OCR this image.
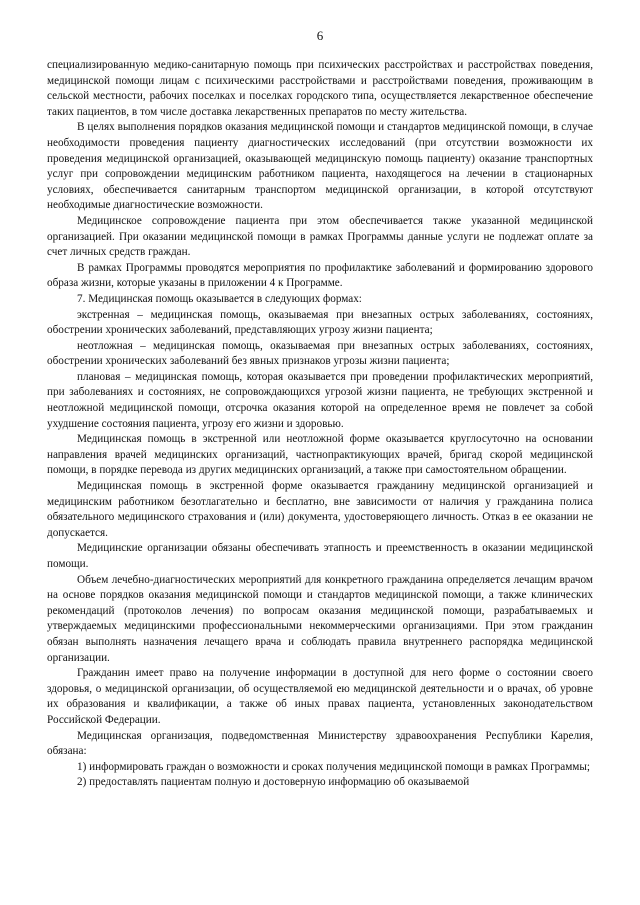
6

специализированную медико-санитарную помощь при психических расстройствах и расстройствах поведения, медицинской помощи лицам с психическими расстройствами и расстройствами поведения, проживающим в сельской местности, рабочих поселках и поселках городского типа, осуществляется лекарственное обеспечение таких пациентов, в том числе доставка лекарственных препаратов по месту жительства.

В целях выполнения порядков оказания медицинской помощи и стандартов медицинской помощи, в случае необходимости проведения пациенту диагностических исследований (при отсутствии возможности их проведения медицинской организацией, оказывающей медицинскую помощь пациенту) оказание транспортных услуг при сопровождении медицинским работником пациента, находящегося на лечении в стационарных условиях, обеспечивается санитарным транспортом медицинской организации, в которой отсутствуют необходимые диагностические возможности.

Медицинское сопровождение пациента при этом обеспечивается также указанной медицинской организацией. При оказании медицинской помощи в рамках Программы данные услуги не подлежат оплате за счет личных средств граждан.

В рамках Программы проводятся мероприятия по профилактике заболеваний и формированию здорового образа жизни, которые указаны в приложении 4 к Программе.

7. Медицинская помощь оказывается в следующих формах:

экстренная – медицинская помощь, оказываемая при внезапных острых заболеваниях, состояниях, обострении хронических заболеваний, представляющих угрозу жизни пациента;

неотложная – медицинская помощь, оказываемая при внезапных острых заболеваниях, состояниях, обострении хронических заболеваний без явных признаков угрозы жизни пациента;

плановая – медицинская помощь, которая оказывается при проведении профилактических мероприятий, при заболеваниях и состояниях, не сопровождающихся угрозой жизни пациента, не требующих экстренной и неотложной медицинской помощи, отсрочка оказания которой на определенное время не повлечет за собой ухудшение состояния пациента, угрозу его жизни и здоровью.

Медицинская помощь в экстренной или неотложной форме оказывается круглосуточно на основании направления врачей медицинских организаций, частнопрактикующих врачей, бригад скорой медицинской помощи, в порядке перевода из других медицинских организаций, а также при самостоятельном обращении.

Медицинская помощь в экстренной форме оказывается гражданину медицинской организацией и медицинским работником безотлагательно и бесплатно, вне зависимости от наличия у гражданина полиса обязательного медицинского страхования и (или) документа, удостоверяющего личность. Отказ в ее оказании не допускается.

Медицинские организации обязаны обеспечивать этапность и преемственность в оказании медицинской помощи.

Объем лечебно-диагностических мероприятий для конкретного гражданина определяется лечащим врачом на основе порядков оказания медицинской помощи и стандартов медицинской помощи, а также клинических рекомендаций (протоколов лечения) по вопросам оказания медицинской помощи, разрабатываемых и утверждаемых медицинскими профессиональными некоммерческими организациями. При этом гражданин обязан выполнять назначения лечащего врача и соблюдать правила внутреннего распорядка медицинской организации.

Гражданин имеет право на получение информации в доступной для него форме о состоянии своего здоровья, о медицинской организации, об осуществляемой ею медицинской деятельности и о врачах, об уровне их образования и квалификации, а также об иных правах пациента, установленных законодательством Российской Федерации.

Медицинская организация, подведомственная Министерству здравоохранения Республики Карелия, обязана:

1) информировать граждан о возможности и сроках получения медицинской помощи в рамках Программы;

2) предоставлять пациентам полную и достоверную информацию об оказываемой
